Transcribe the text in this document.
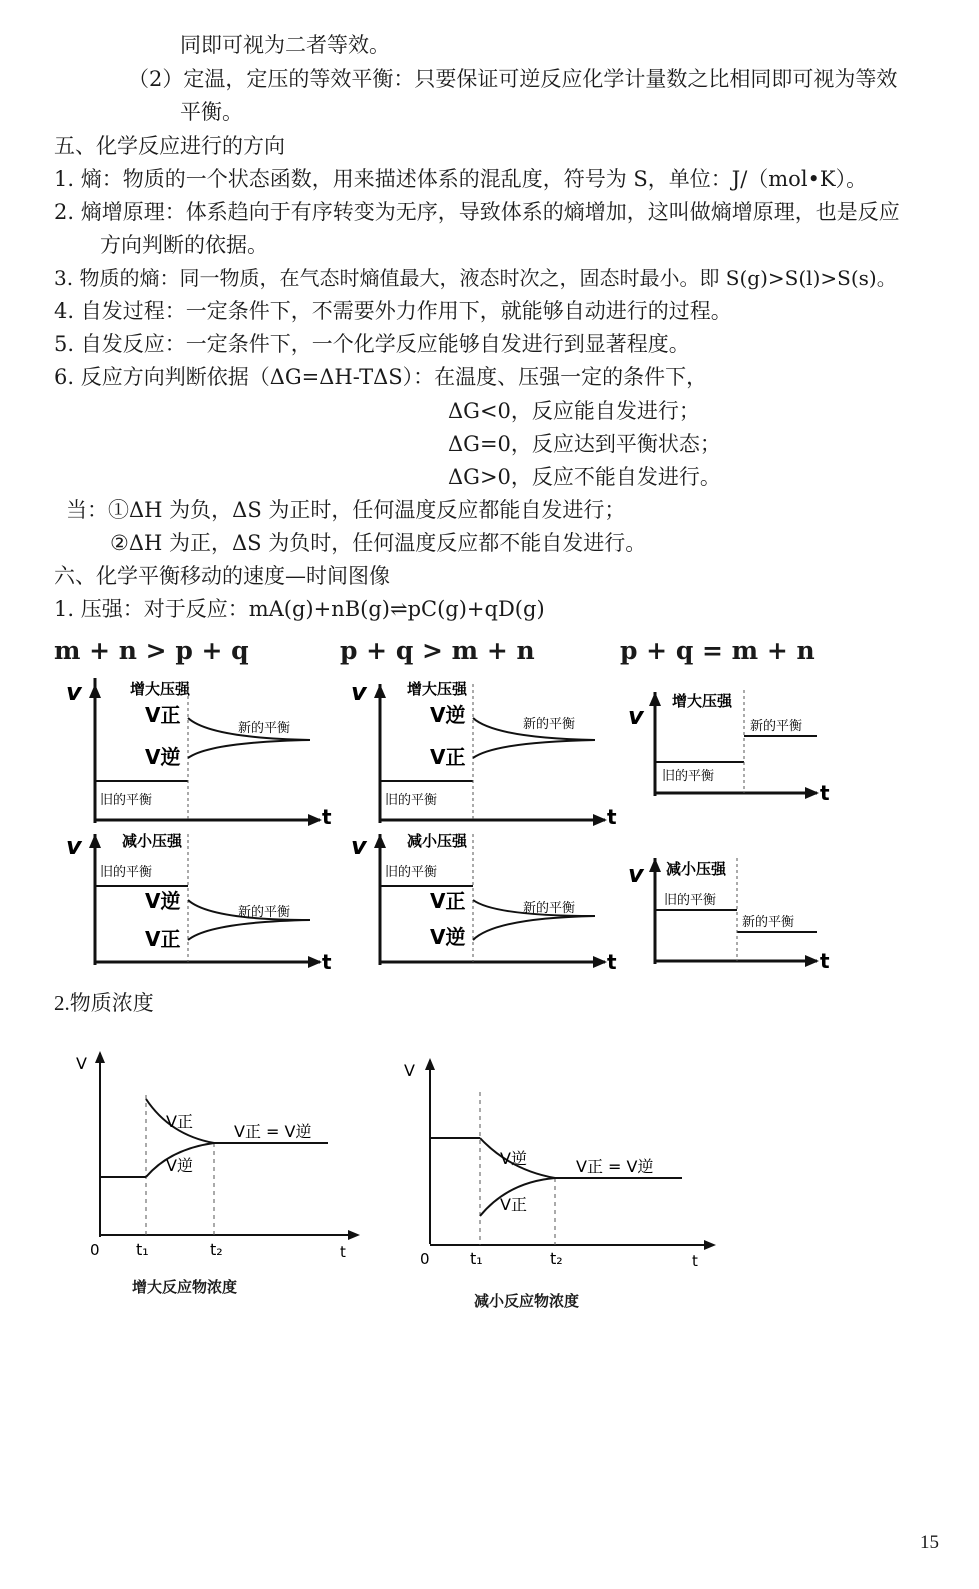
同即可视为二者等效。
（2）定温，定压的等效平衡：只要保证可逆反应化学计量数之比相同即可视为等效
平衡。
五、化学反应进行的方向
1. 熵：物质的一个状态函数，用来描述体系的混乱度，符号为 S，单位：J/（mol•K）。
2. 熵增原理：体系趋向于有序转变为无序，导致体系的熵增加，这叫做熵增原理，也是反应
方向判断的依据。
3. 物质的熵：同一物质，在气态时熵值最大，液态时次之，固态时最小。即 S(g)>S(l)>S(s)。
4. 自发过程：一定条件下，不需要外力作用下，就能够自动进行的过程。
5. 自发反应：一定条件下，一个化学反应能够自发进行到显著程度。
6. 反应方向判断依据（ΔG=ΔH-TΔS）：在温度、压强一定的条件下，
ΔG<0，反应能自发进行；
ΔG=0，反应达到平衡状态；
ΔG>0，反应不能自发进行。
当：①ΔH 为负，ΔS 为正时，任何温度反应都能自发进行；
②ΔH 为正，ΔS 为负时，任何温度反应都不能自发进行。
六、化学平衡移动的速度—时间图像
1. 压强：对于反应：mA(g)+nB(g)⇌pC(g)+qD(g)
m + n > p + q	p + q > m + n	p + q = m + n
v
t
增大压强
V正
V逆
新的平衡
旧的平衡
v
t
增大压强
V逆
V正
新的平衡
旧的平衡
v
t
增大压强
新的平衡
旧的平衡
v
t
减小压强
V逆
V正
新的平衡
旧的平衡
v
t
减小压强
V正
V逆
新的平衡
旧的平衡	v
t
减小压强
新的平衡
旧的平衡
2.物质浓度
V
0 t₁	t₂	t
V正
V逆
V正 = V逆
增大反应物浓度
V
0	t₁	t₂	t
V逆
V正
V正 = V逆
减小反应物浓度
15
